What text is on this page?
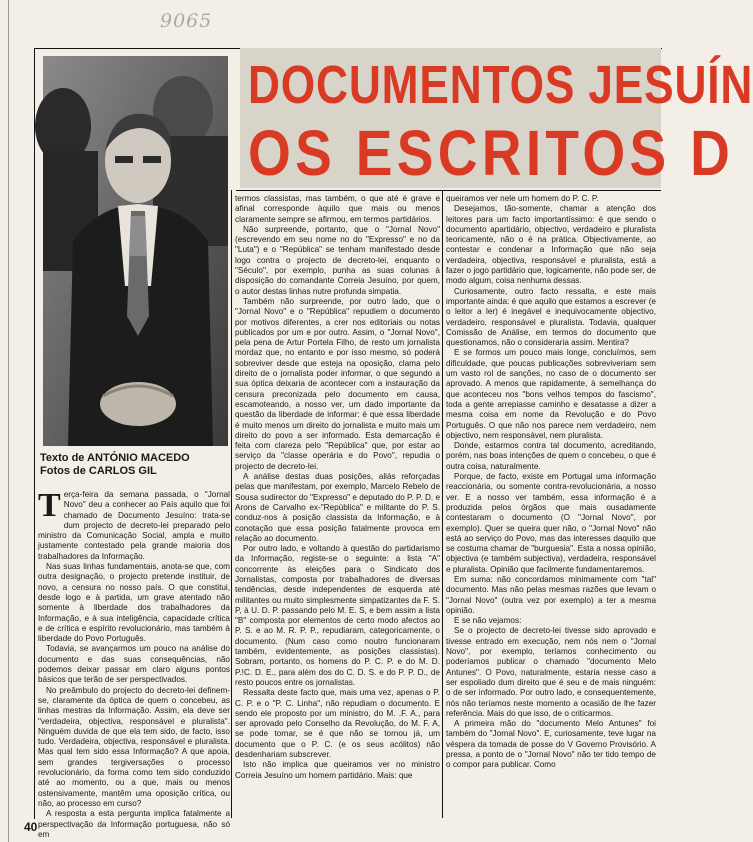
9065
DOCUMENTOS JESUÍN
OS ESCRITOS D
Texto de ANTÓNIO MACEDO
Fotos de CARLOS GIL

Terça-feira da semana passada, o "Jornal Novo" deu a conhecer ao País aquilo que foi chamado de Documento Jesuíno: trata-se dum projecto de decreto-lei preparado pelo ministro da Comunicação Social, ampla e muito justamente contestado pela grande maioria dos trabalhadores da Informação.

Nas suas linhas fundamentais, anota-se que, com outra designação, o projecto pretende instituir, de novo, a censura no nosso país. O que constitui, desde logo e à partida, um grave atentado não somente à liberdade dos trabalhadores da Informação, e à sua inteligência, capacidade crítica e de crítica e espírito revolucionário, mas também à liberdade do Povo Português.

Todavia, se avançarmos um pouco na análise do documento e das suas consequências, não podemos deixar passar em claro alguns pontos básicos que terão de ser perspectivados.

No preâmbulo do projecto do decreto-lei definem-se, claramente da óptica de quem o concebeu, as linhas mestras da Informação. Assim, ela deve ser "verdadeira, objectiva, responsável e pluralista". Ninguém duvida de que ela tem sido, de facto, isso tudo. Verdadeira, objectiva, responsável e pluralista. Mas qual tem sido essa Informação? A que apoia, sem grandes tergiversações o processo revolucionário, da forma como tem sido conduzido até ao momento, ou a que, mais ou menos ostensivamente, mantêm uma oposição crítica, ou não, ao processo em curso?

A resposta a esta pergunta implica fatalmente a perspectivação da Informação portuguesa, não só em

termos classistas, mas também, o que até é grave e afinal corresponde àquilo que mais ou menos claramente sempre se afirmou, em termos partidários.

Não surpreende, portanto, que o "Jornal Novo" (escrevendo em seu nome no do "Expresso" e no da "Luta") e o "República" se tenham manifestado desde logo contra o projecto de decreto-lei, enquanto o "Século", por exemplo, punha as suas colunas à disposição do comandante Correia Jesuíno, por quem, o autor destas linhas nutre profunda simpatia.

Também não surpreende, por outro lado, que o "Jornal Novo" e o "República" repudiem o documento por motivos diferentes, a crer nos editoriais ou notas publicados por um e por outro. Assim, o "Jornal Novo", pela pena de Artur Portela Filho, de resto um jornalista mordaz que, no entanto e por isso mesmo, só poderá sobreviver desde que esteja na oposição, clama pelo direito de o jornalista poder informar, o que segundo a sua óptica deixaria de acontecer com a instauração da censura preconizada pelo documento em causa, escamoteando, a nosso ver, um dado importante da questão da liberdade de informar: é que essa liberdade é muito menos um direito do jornalista e muito mais um direito do povo a ser informado. Esta demarcação é feita com clareza pelo "República" que, por estar ao serviço da "classe operária e do Povo", repudia o projecto de decreto-lei.

A análise destas duas posições, aliás reforçadas pelas que manifestam, por exemplo, Marcelo Rebelo de Sousa sudirector do "Expresso" e deputado do P. P. D. e Arons de Carvalho ex-"República" e militante do P. S. conduz-nos à posição classista da Informação, e à conotação que essa posição fatalmente provoca em relação ao documento.

Por outro lado, e voltando à questão do partidarismo da Informação, registe-se o seguinte: a lista "A" concorrente às eleições para o Sindicato dos Jornalistas, composta por trabalhadores de diversas tendências, desde independentes de esquerda até militantes ou muito simplesmente simpatizantes da F. S. P, à U. D. P. passando pelo M. E. S, e bem assim a lista "B" composta por elementos de certo modo afectos ao P. S. e ao M. R. P. P., repudiaram, categoricamente, o documento. (Num caso como noutro funcionaram também, evidentemente, as posições classistas). Sobram, portanto, os homens do P. C. P. e do M. D. P.!C. D. E., para além dos do C. D. S. e do P. P. D., de resto poucos entre os jornalistas.

Ressalta deste facto que, mais uma vez, apenas o P. C. P. e o "P. C. Linha", não repudiam o documento. E sendo ele proposto por um ministro, do M. .F. A., para ser aprovado pelo Conselho da Revolução, do M. F. A, se pode tornar, se é que não se tornou já, um documento que o P. C. (e os seus acólitos) não desdenhariam subscrever.

Isto não implica que queiramos ver no ministro Correia Jesuíno um homem partidário. Mais: que

queiramos ver nele um homem do P. C. P.

Desejamos, tão-somente, chamar a atenção dos leitores para um facto importantíssimo: é que sendo o documento apartidário, objectivo, verdadeiro e pluralista teoricamente, não o é na prática. Objectivamente, ao contestar e condenar a Informação que não seja verdadeira, objectiva, responsável e pluralista, está a fazer o jogo partidário que, logicamente, não pode ser, de modo algum, coisa nenhuma dessas.

Curiosamente, outro facto ressalta, e este mais importante ainda: é que aquilo que estamos a escrever (e o leitor a ler) é inegável e inequivocamente objectivo, verdadeiro, responsável e pluralista. Todavia, qualquer Comissão de Análise, em termos do documento que questionamos, não o consideraria assim. Mentira?

E se formos um pouco mais longe, concluímos, sem dificuldade, que poucas publicações sobreviveriam sem um vasto rol de sanções, no caso de o documento ser aprovado. A menos que rapidamente, à semelhança do que aconteceu nos "bons velhos tempos do fascismo", toda a gente arrepiasse caminho e desatasse a dizer a mesma coisa em nome da Revolução e do Povo Português. O que não nos parece nem verdadeiro, nem objectivo, nem responsável, nem pluralista.

Donde, estarmos contra tal documento, acreditando, porém, nas boas intenções de quem o concebeu, o que é outra coisa, naturalmente.

Porque, de facto, existe em Portugal uma informação reaccionária, ou somente contra-revolucionária, a nosso ver. E a nosso ver também, essa informação é a produzida pelos órgãos que mais ousadamente contestaram o documento (O "Jornal Novo", por exemplo). Quer se queira quer não, o "Jornal Novo" não está ao serviço do Povo, mas das interesses daquilo que se costuma chamar de "burguesia". Esta a nossa opinião, objectiva (e também subjectiva), verdadeira, responsável e pluralista. Opinião que facilmente fundamentaremos.

Em suma: não concordamos minimamente com "tal" documento. Mas não pelas mesmas razões que levam o "Jornal Novo" (outra vez por exemplo) a ter a mesma opinião.

E se não vejamos:

Se o projecto de decreto-lei tivesse sido aprovado e tivesse entrado em execução, nem nós nem o "Jornal Novo", por exemplo, teríamos conhecimento ou poderíamos publicar o chamado "documento Melo Antunes". O Povo, naturalmente, estaria nesse caso a ser espoliado dum direito que é seu e de mais ninguém: o de ser informado. Por outro lado, e consequentemente, nós não teríamos neste momento a ocasião de lhe fazer referência. Mais do que isso, de o criticarmos.

A primeira mão do "documento Melo Antunes" foi também do "Jornal Novo". E, curiosamente, teve lugar na véspera da tomada de posse do V Governo Provisório. A pressa, a ponto de o "Jornal Novo" não ter tido tempo de o compor para publicar. Como

40
